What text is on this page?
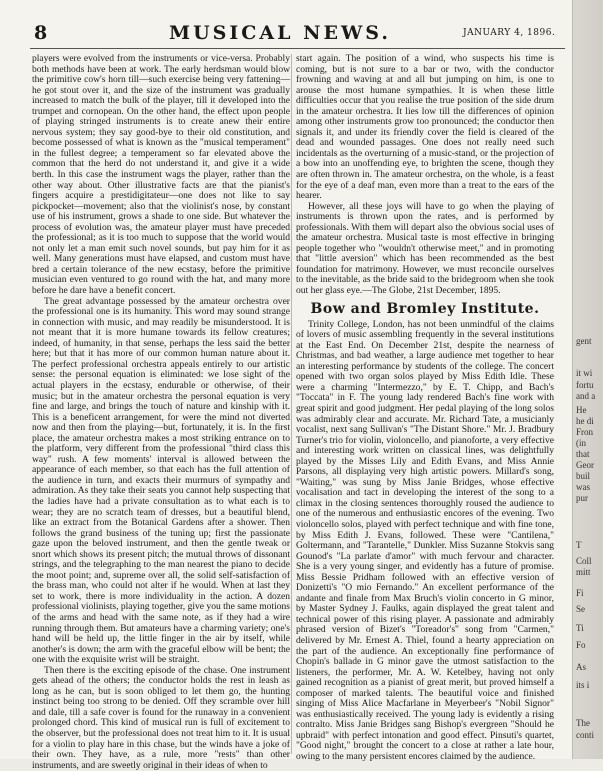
8	MUSICAL NEWS.	JANUARY 4, 1896.

players were evolved from the instruments or vice-versa. Probably both methods have been at work. The early herdsman would blow the primitive cow's horn till—such exercise being very fattening—he got stout over it, and the size of the instrument was gradually increased to match the bulk of the player, till it developed into the trumpet and cornopean. On the other hand, the effect upon people of playing stringed instruments is to create anew their entire nervous system; they say good-bye to their old constitution, and become possessed of what is known as the "musical temperament" in the fullest degree; a temperament so far elevated above the common that the herd do not understand it, and give it a wide berth. In this case the instrument wags the player, rather than the other way about. Other illustrative facts are that the pianist's fingers acquire a prestidigitateur—one does not like to say pickpocket—movement; also that the violinist's nose, by constant use of his instrument, grows a shade to one side. But whatever the process of evolution was, the amateur player must have preceded the professional; as it is too much to suppose that the world would not only let a man emit such novel sounds, but pay him for it as well. Many generations must have elapsed, and custom must have bred a certain tolerance of the new ecstasy, before the primitive musician even ventured to go round with the hat, and many more before he dare have a benefit concert.

The great advantage possessed by the amateur orchestra over the professional one is its humanity. This word may sound strange in connection with music, and may readily be misunderstood. It is not meant that it is more humane towards its fellow creatures; indeed, of humanity, in that sense, perhaps the less said the better here; but that it has more of our common human nature about it. The perfect professional orchestra appeals entirely to our artistic sense: the personal equation is eliminated: we lose sight of the actual players in the ecstasy, endurable or otherwise, of their music; but in the amateur orchestra the personal equation is very fine and large, and brings the touch of nature and kinship with it. This is a beneficent arrangement, for were the mind not diverted now and then from the playing—but, fortunately, it is. In the first place, the amateur orchestra makes a most striking entrance on to the platform, very different from the professional "third class this way" rush. A few moments' interval is allowed between the appearance of each member, so that each has the full attention of the audience in turn, and exacts their murmurs of sympathy and admiration. As they take their seats you cannot help suspecting that the ladies have had a private consultation as to what each is to wear; they are no scratch team of dresses, but a beautiful blend, like an extract from the Botanical Gardens after a shower. Then follows the grand business of the tuning up; first the passionate gaze upon the beloved instrument, and then the gentle tweak or snort which shows its present pitch; the mutual throws of dissonant strings, and the telegraphing to the man nearest the piano to decide the moot point; and, supreme over all, the solid self-satisfaction of the brass man, who could not alter if he would. When at last they set to work, there is more individuality in the action. A dozen professional violinists, playing together, give you the same motions of the arms and head with the same note, as if they had a wire running through them. But amateurs have a charming variety; one's hand will be held up, the little finger in the air by itself, while another's is down; the arm with the graceful elbow will be bent; the one with the exquisite wrist will be straight.

Then there is the exciting episode of the chase. One instrument gets ahead of the others; the conductor holds the rest in leash as long as he can, but is soon obliged to let them go, the hunting instinct being too strong to be denied. Off they scramble over hill and dale, till a safe cover is found for the runaway in a convenient prolonged chord. This kind of musical run is full of excitement to the observer, but the professional does not treat him to it. It is usual for a violin to play hare in this chase, but the winds have a joke of their own. They have, as a rule, more "rests" than other instruments, and are sweetly original in their ideas of when to

start again. The position of a wind, who suspects his time is coming, but is not sure to a bar or two, with the conductor frowning and waving at and all but jumping on him, is one to arouse the most humane sympathies. It is when these little difficulties occur that you realise the true position of the side drum in the amateur orchestra. It lies low till the differences of opinion among other instruments grow too pronounced; the conductor then signals it, and under its friendly cover the field is cleared of the dead and wounded passages. One does not really need such incidentals as the overturning of a music-stand, or the projection of a bow into an unoffending eye, to brighten the scene, though they are often thrown in. The amateur orchestra, on the whole, is a feast for the eye of a deaf man, even more than a treat to the ears of the hearer.

However, all these joys will have to go when the playing of instruments is thrown upon the rates, and is performed by professionals. With them will depart also the obvious social uses of the amateur orchestra. Musical taste is most effective in bringing people together who "wouldn't otherwise meet," and in promoting that "little aversion" which has been recommended as the best foundation for matrimony. However, we must reconcile ourselves to the inevitable, as the bride said to the bridegroom when she took out her glass eye.—The Globe, 21st December, 1895.

Bow and Bromley Institute.

Trinity College, London, has not been unmindful of the claims of lovers of music assembling frequently in the several institutions at the East End. On December 21st, despite the nearness of Christmas, and bad weather, a large audience met together to hear an interesting performance by students of the college. The concert opened with two organ solos played by Miss Edith Idle. These were a charming "Intermezzo," by E. T. Chipp, and Bach's "Toccata" in F. The young lady rendered Bach's fine work with great spirit and good judgment. Her pedal playing of the long solos was admirably clear and accurate. Mr. Richard Tate, a musicianly vocalist, next sang Sullivan's "The Distant Shore." Mr. J. Bradbury Turner's trio for violin, violoncello, and pianoforte, a very effective and interesting work written on classical lines, was delightfully played by the Misses Lily and Edith Evans, and Miss Annie Parsons, all displaying very high artistic powers. Millard's song, "Waiting," was sung by Miss Janie Bridges, whose effective vocalisation and tact in developing the interest of the song to a climax in the closing sentences thoroughly roused the audience to one of the numerous and enthusiastic encores of the evening. Two violoncello solos, played with perfect technique and with fine tone, by Miss Edith J. Evans, followed. These were "Cantilena," Goltermann, and "Tarantelle," Dunkler. Miss Suzanne Stokvis sang Gounod's "La parlate d'amor" with much fervour and character. She is a very young singer, and evidently has a future of promise. Miss Bessie Pridham followed with an effective version of Donizetti's "O mio Fernando." An excellent performance of the andante and finale from Max Bruch's violin concerto in G minor, by Master Sydney J. Faulks, again displayed the great talent and technical power of this rising player. A passionate and admirably phrased version of Bizet's "Toreador's" song from "Carmen," delivered by Mr. Ernest A. Thiel, found a hearty appreciation on the part of the audience. An exceptionally fine performance of Chopin's ballade in G minor gave the utmost satisfaction to the listeners, the performer, Mr. A. W. Ketelbey, having not only gained recognition as a pianist of great merit, but proved himself a composer of marked talents. The beautiful voice and finished singing of Miss Alice Macfarlane in Meyerbeer's "Nobil Signor" was enthusiastically received. The young lady is evidently a rising contralto. Miss Janie Bridges sang Bishop's evergreen "Should he upbraid" with perfect intonation and good effect. Pinsuti's quartet, "Good night," brought the concert to a close at rather a late hour, owing to the many persistent encores claimed by the audience.

gent
it wi
fortu
and a
He
he di
Fron
(in
that
Geor
buil
was
pur
T
Coll
mitt
Fi
Se
Ti
Fo
As
its i
The
conti
